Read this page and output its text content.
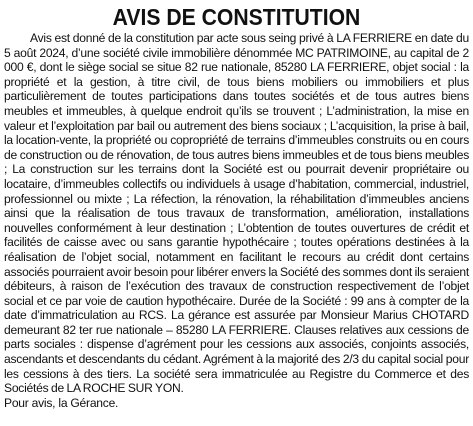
AVIS DE CONSTITUTION

Avis est donné de la constitution par acte sous seing privé à LA FERRIERE en date du 5 août 2024, d’une société civile immobilière dénommée MC PATRIMOINE, au capital de 2 000 €, dont le siège social se situe 82 rue nationale, 85280 LA FERRIERE, objet social : la propriété et la gestion, à titre civil, de tous biens mobiliers ou immobiliers et plus particulièrement de toutes participations dans toutes sociétés et de tous autres biens meubles et immeubles, à quelque endroit qu’ils se trouvent ; L’administration, la mise en valeur et l’exploitation par bail ou autrement des biens sociaux ; L’acquisition, la prise à bail, la location-vente, la propriété ou copropriété de terrains d’immeubles construits ou en cours de construction ou de rénovation, de tous autres biens immeubles et de tous biens meubles ; La construction sur les terrains dont la Société est ou pourrait devenir propriétaire ou locataire, d’immeubles collectifs ou individuels à usage d’habitation, commercial, industriel, professionnel ou mixte ; La réfection, la rénovation, la réhabilitation d’immeubles anciens ainsi que la réalisation de tous travaux de transformation, amélioration, installations nouvelles conformément à leur destination ; L’obtention de toutes ouvertures de crédit et facilités de caisse avec ou sans garantie hypothécaire ; toutes opérations destinées à la réalisation de l’objet social, notamment en facilitant le recours au crédit dont certains associés pourraient avoir besoin pour libérer envers la Société des sommes dont ils seraient débiteurs, à raison de l’exécution des travaux de construction respectivement de l’objet social et ce par voie de caution hypothécaire. Durée de la Société : 99 ans à compter de la date d’immatriculation au RCS. La gérance est assurée par Monsieur Marius CHOTARD demeurant 82 ter rue nationale – 85280 LA FERRIERE. Clauses relatives aux cessions de parts sociales : dispense d’agrément pour les cessions aux associés, conjoints associés, ascendants et descendants du cédant. Agrément à la majorité des 2/3 du capital social pour les cessions à des tiers. La société sera immatriculée au Registre du Commerce et des Sociétés de LA ROCHE SUR YON.

Pour avis, la Gérance.
